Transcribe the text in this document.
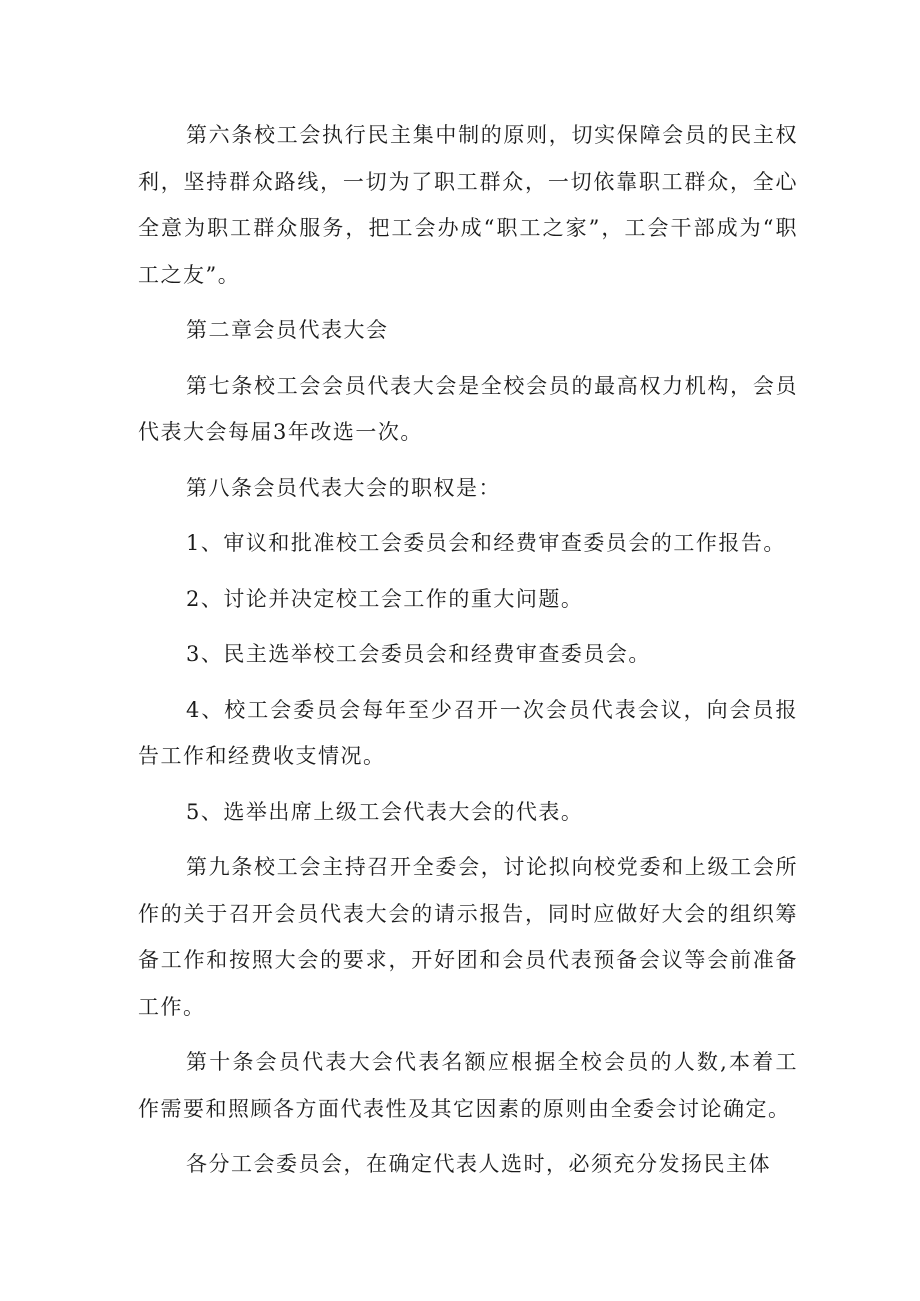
第六条校工会执行民主集中制的原则，切实保障会员的民主权利，坚持群众路线，一切为了职工群众，一切依靠职工群众，全心全意为职工群众服务，把工会办成“职工之家”，工会干部成为“职工之友”。

第二章会员代表大会

第七条校工会会员代表大会是全校会员的最高权力机构，会员代表大会每届3年改选一次。

第八条会员代表大会的职权是：

1、审议和批准校工会委员会和经费审查委员会的工作报告。

2、讨论并决定校工会工作的重大问题。

3、民主选举校工会委员会和经费审查委员会。

4、校工会委员会每年至少召开一次会员代表会议，向会员报告工作和经费收支情况。

5、选举出席上级工会代表大会的代表。

第九条校工会主持召开全委会，讨论拟向校党委和上级工会所作的关于召开会员代表大会的请示报告，同时应做好大会的组织筹备工作和按照大会的要求，开好团和会员代表预备会议等会前准备工作。

第十条会员代表大会代表名额应根据全校会员的人数,本着工作需要和照顾各方面代表性及其它因素的原则由全委会讨论确定。

各分工会委员会，在确定代表人选时，必须充分发扬民主体
